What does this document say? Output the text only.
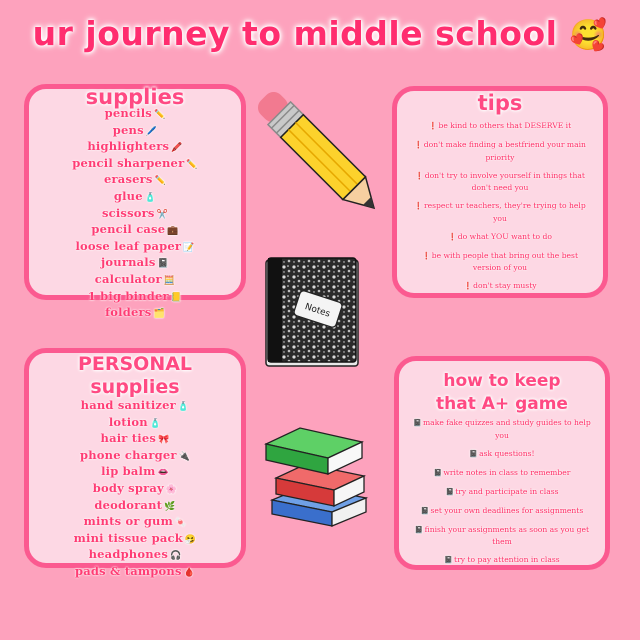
ur journey to middle school 🥰
supplies
pencils ✏️
pens 🖊️
highlighters 🖍️
pencil sharpener ✏️
erasers ✏️
glue 🧴
scissors ✂️
pencil case 💼
loose leaf paper 📝
journals 📓
calculator 🧮
1 big binder 📒
folders 🗂️
tips
❗be kind to others that DESERVE it
❗don't make finding a bestfriend your main priority
❗don't try to involve yourself in things that don't need you
❗respect ur teachers, they're trying to help you
❗do what YOU want to do
❗be with people that bring out the best version of you
❗don't stay musty
PERSONAL
supplies
hand sanitizer 🧴
lotion 🧴
hair ties 🎀
phone charger 🔌
lip balm 👄
body spray 🌸
deodorant 🌿
mints or gum 🍬
mini tissue pack 🤧
headphones 🎧
pads & tampons 🩸
how to keep
that A+ game
📓make fake quizzes and study guides to help you
📓ask questions!
📓write notes in class to remember
📓try and participate in class
📓set your own deadlines for assignments
📓finish your assignments as soon as you get them
📓try to pay attention in class
Notes
